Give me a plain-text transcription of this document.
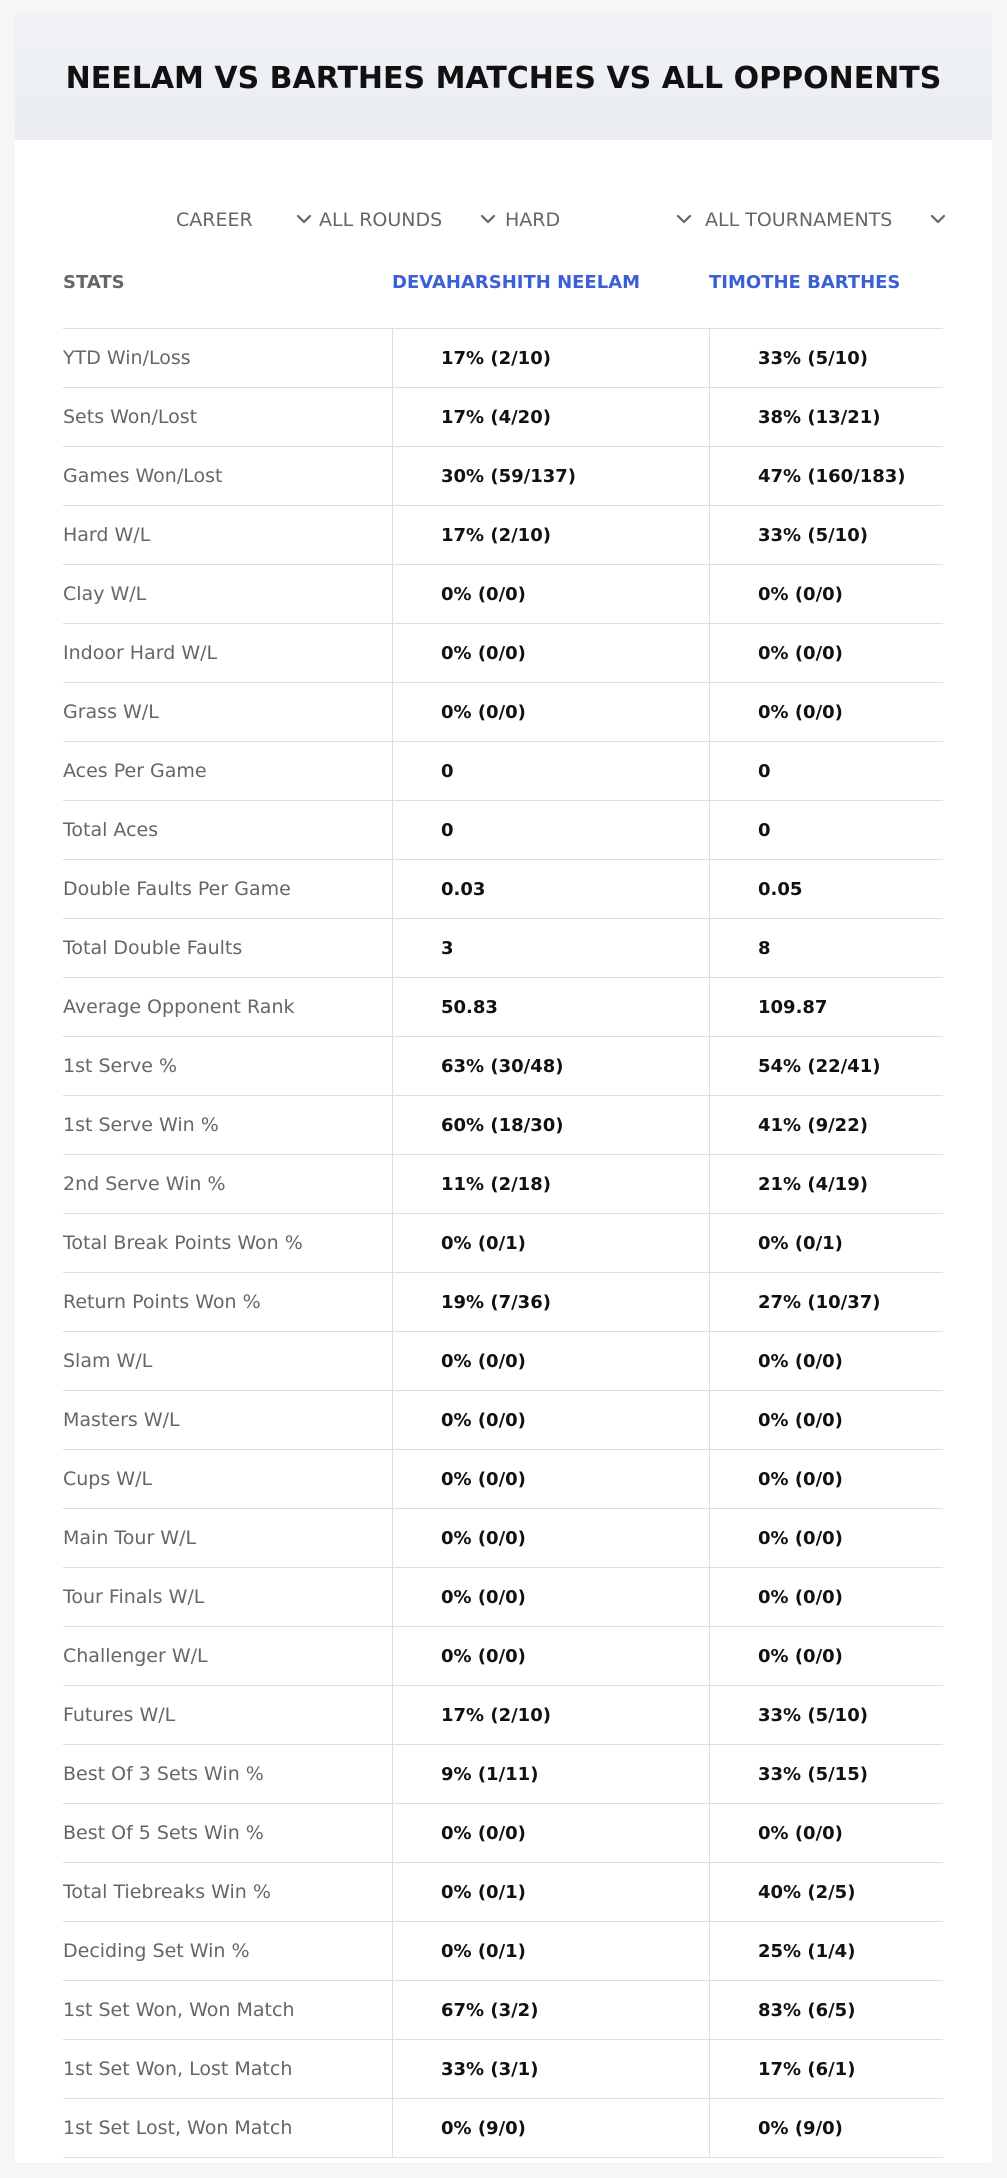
NEELAM VS BARTHES MATCHES VS ALL OPPONENTS
CAREER	ALL ROUNDS	HARD	ALL TOURNAMENTS
STATS	DEVAHARSHITH NEELAM	TIMOTHE BARTHES
YTD Win/Loss	17% (2/10)	33% (5/10)
Sets Won/Lost	17% (4/20)	38% (13/21)
Games Won/Lost	30% (59/137)	47% (160/183)
Hard W/L	17% (2/10)	33% (5/10)
Clay W/L	0% (0/0)	0% (0/0)
Indoor Hard W/L	0% (0/0)	0% (0/0)
Grass W/L	0% (0/0)	0% (0/0)
Aces Per Game	0	0
Total Aces	0	0
Double Faults Per Game	0.03	0.05
Total Double Faults	3	8
Average Opponent Rank	50.83	109.87
1st Serve %	63% (30/48)	54% (22/41)
1st Serve Win %	60% (18/30)	41% (9/22)
2nd Serve Win %	11% (2/18)	21% (4/19)
Total Break Points Won %	0% (0/1)	0% (0/1)
Return Points Won %	19% (7/36)	27% (10/37)
Slam W/L	0% (0/0)	0% (0/0)
Masters W/L	0% (0/0)	0% (0/0)
Cups W/L	0% (0/0)	0% (0/0)
Main Tour W/L	0% (0/0)	0% (0/0)
Tour Finals W/L	0% (0/0)	0% (0/0)
Challenger W/L	0% (0/0)	0% (0/0)
Futures W/L	17% (2/10)	33% (5/10)
Best Of 3 Sets Win %	9% (1/11)	33% (5/15)
Best Of 5 Sets Win %	0% (0/0)	0% (0/0)
Total Tiebreaks Win %	0% (0/1)	40% (2/5)
Deciding Set Win %	0% (0/1)	25% (1/4)
1st Set Won, Won Match	67% (3/2)	83% (6/5)
1st Set Won, Lost Match	33% (3/1)	17% (6/1)
1st Set Lost, Won Match	0% (9/0)	0% (9/0)
